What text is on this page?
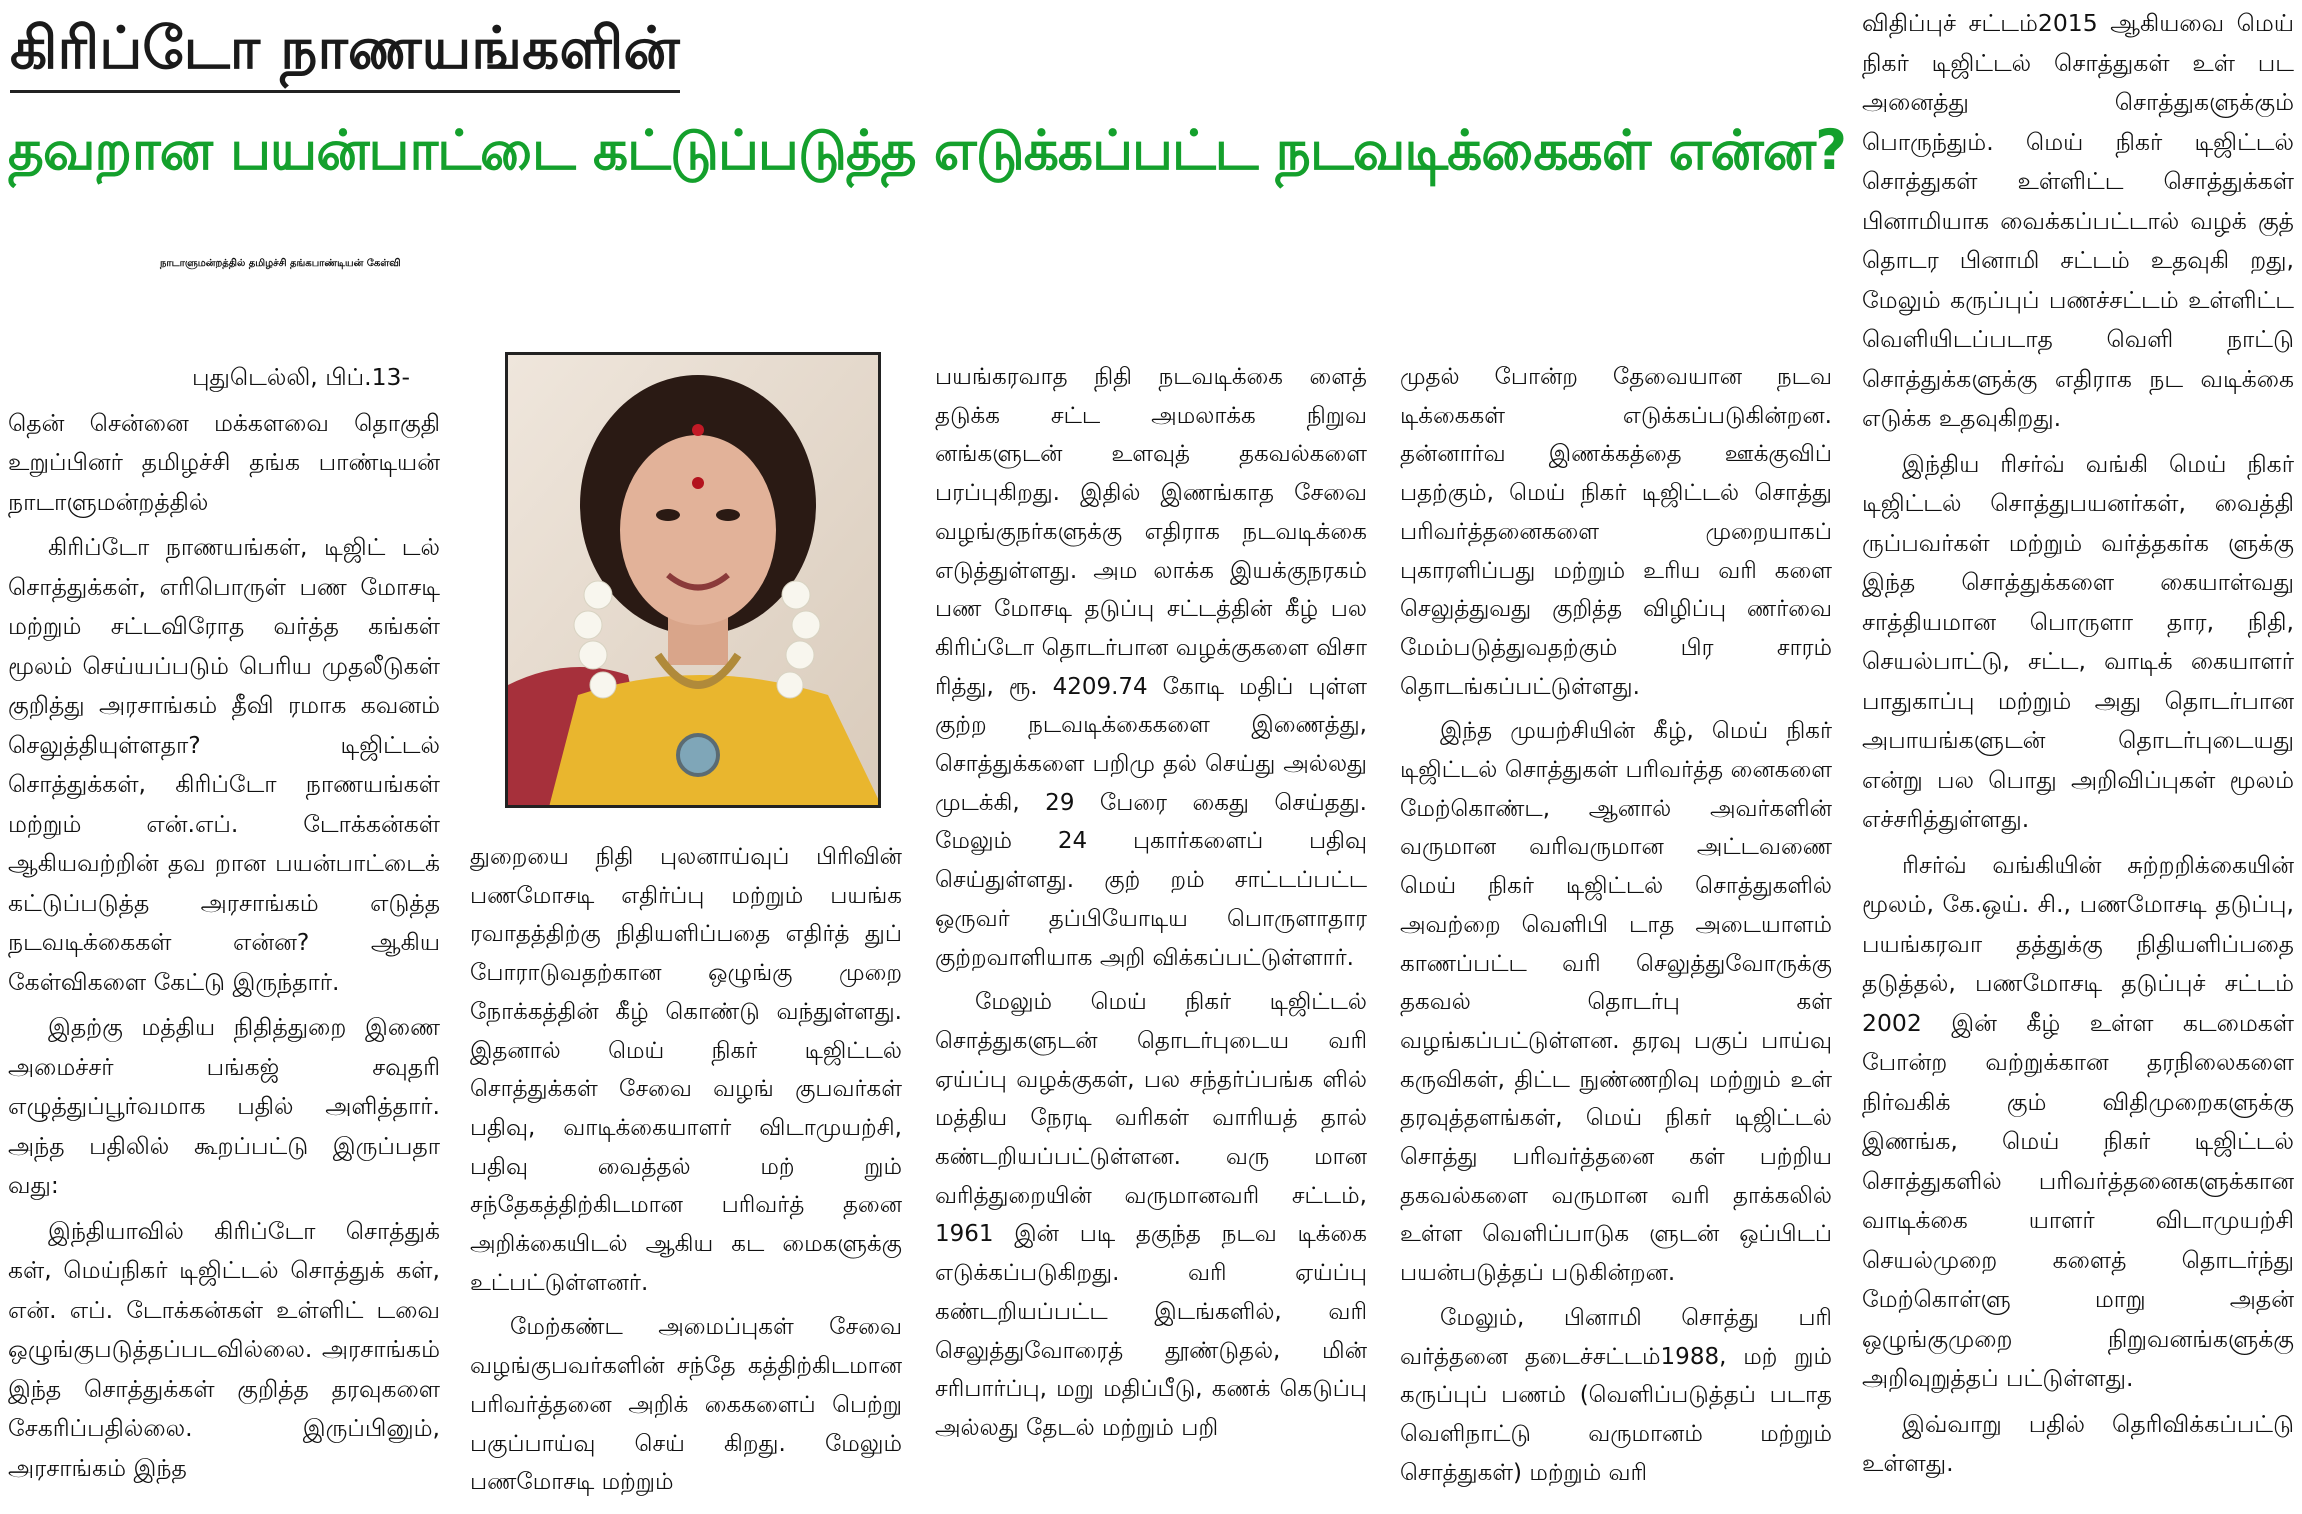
கிரிப்டோ நாணயங்களின்
தவறான பயன்பாட்டை கட்டுப்படுத்த எடுக்கப்பட்ட நடவடிக்கைகள் என்ன?
நாடாளுமன்றத்தில் தமிழச்சி தங்கபாண்டியன் கேள்வி

புதுடெல்லி, பிப்.13-

தென் சென்னை மக்களவை தொகுதி உறுப்பினர் தமிழச்சி தங்க பாண்டியன் நாடாளுமன்றத்தில்

கிரிப்டோ நாணயங்கள், டிஜிட் டல் சொத்துக்கள், எரிபொருள் பண மோசடி மற்றும் சட்டவிரோத வர்த்த கங்கள் மூலம் செய்யப்படும் பெரிய முதலீடுகள் குறித்து அரசாங்கம் தீவி ரமாக கவனம் செலுத்தியுள்ளதா? டிஜிட்டல் சொத்துக்கள், கிரிப்டோ நாணயங்கள் மற்றும் என்.எப். டோக்கன்கள் ஆகியவற்றின் தவ றான பயன்பாட்டைக் கட்டுப்படுத்த அரசாங்கம் எடுத்த நடவடிக்கைகள் என்ன? ஆகிய கேள்விகளை கேட்டு இருந்தார்.

இதற்கு மத்திய நிதித்துறை இணை அமைச்சர் பங்கஜ் சவுதரி எழுத்துப்பூர்வமாக பதில் அளித்தார். அந்த பதிலில் கூறப்பட்டு இருப்பதா வது:

இந்தியாவில் கிரிப்டோ சொத்துக் கள், மெய்நிகர் டிஜிட்டல் சொத்துக் கள், என். எப். டோக்கன்கள் உள்ளிட் டவை ஒழுங்குபடுத்தப்படவில்லை. அரசாங்கம் இந்த சொத்துக்கள் குறித்த தரவுகளை சேகரிப்பதில்லை. இருப்பினும், அரசாங்கம் இந்த

துறையை நிதி புலனாய்வுப் பிரிவின் பணமோசடி எதிர்ப்பு மற்றும் பயங்க ரவாதத்திற்கு நிதியளிப்பதை எதிர்த் துப் போராடுவதற்கான ஒழுங்கு முறை நோக்கத்தின் கீழ் கொண்டு வந்துள்ளது. இதனால் மெய் நிகர் டிஜிட்டல் சொத்துக்கள் சேவை வழங் குபவர்கள் பதிவு, வாடிக்கையாளர் விடாமுயற்சி, பதிவு வைத்தல் மற் றும் சந்தேகத்திற்கிடமான பரிவர்த் தனை அறிக்கையிடல் ஆகிய கட மைகளுக்கு உட்பட்டுள்ளனர்.

மேற்கண்ட அமைப்புகள் சேவை வழங்குபவர்களின் சந்தே கத்திற்கிடமான பரிவர்த்தனை அறிக் கைகளைப் பெற்று பகுப்பாய்வு செய் கிறது. மேலும் பணமோசடி மற்றும்

பயங்கரவாத நிதி நடவடிக்கை ளைத் தடுக்க சட்ட அமலாக்க நிறுவ னங்களுடன் உளவுத் தகவல்களை பரப்புகிறது. இதில் இணங்காத சேவை வழங்குநர்களுக்கு எதிராக நடவடிக்கை எடுத்துள்ளது. அம லாக்க இயக்குநரகம் பண மோசடி தடுப்பு சட்டத்தின் கீழ் பல கிரிப்டோ தொடர்பான வழக்குகளை விசா ரித்து, ரூ. 4209.74 கோடி மதிப் புள்ள குற்ற நடவடிக்கைகளை இணைத்து, சொத்துக்களை பறிமு தல் செய்து அல்லது முடக்கி, 29 பேரை கைது செய்தது. மேலும் 24 புகார்களைப் பதிவு செய்துள்ளது. குற் றம் சாட்டப்பட்ட ஒருவர் தப்பியோடிய பொருளாதார குற்றவாளியாக அறி விக்கப்பட்டுள்ளார்.

மேலும் மெய் நிகர் டிஜிட்டல் சொத்துகளுடன் தொடர்புடைய வரி ஏய்ப்பு வழக்குகள், பல சந்தர்ப்பங்க ளில் மத்திய நேரடி வரிகள் வாரியத் தால் கண்டறியப்பட்டுள்ளன. வரு மான வரித்துறையின் வருமானவரி சட்டம், 1961 இன் படி தகுந்த நடவ டிக்கை எடுக்கப்படுகிறது. வரி ஏய்ப்பு கண்டறியப்பட்ட இடங்களில், வரி செலுத்துவோரைத் தூண்டுதல், மின் சரிபார்ப்பு, மறு மதிப்பீடு, கணக் கெடுப்பு அல்லது தேடல் மற்றும் பறி

முதல் போன்ற தேவையான நடவ டிக்கைகள் எடுக்கப்படுகின்றன. தன்னார்வ இணக்கத்தை ஊக்குவிப் பதற்கும், மெய் நிகர் டிஜிட்டல் சொத்து பரிவர்த்தனைகளை முறையாகப் புகாரளிப்பது மற்றும் உரிய வரி களை செலுத்துவது குறித்த விழிப்பு ணர்வை மேம்படுத்துவதற்கும் பிர சாரம் தொடங்கப்பட்டுள்ளது.

இந்த முயற்சியின் கீழ், மெய் நிகர் டிஜிட்டல் சொத்துகள் பரிவர்த்த னைகளை மேற்கொண்ட, ஆனால் அவர்களின் வருமான வரிவருமான அட்டவணை மெய் நிகர் டிஜிட்டல் சொத்துகளில் அவற்றை வெளிபி டாத அடையாளம் காணப்பட்ட வரி செலுத்துவோருக்கு தகவல் தொடர்பு கள் வழங்கப்பட்டுள்ளன. தரவு பகுப் பாய்வு கருவிகள், திட்ட நுண்ணறிவு மற்றும் உள் தரவுத்தளங்கள், மெய் நிகர் டிஜிட்டல் சொத்து பரிவர்த்தனை கள் பற்றிய தகவல்களை வருமான வரி தாக்கலில் உள்ள வெளிப்பாடுக ளுடன் ஒப்பிடப் பயன்படுத்தப் படுகின்றன.

மேலும், பினாமி சொத்து பரி வர்த்தனை தடைச்சட்டம்1988, மற் றும் கருப்புப் பணம் (வெளிப்படுத்தப் படாத வெளிநாட்டு வருமானம் மற்றும் சொத்துகள்) மற்றும் வரி

விதிப்புச் சட்டம்2015 ஆகியவை மெய் நிகர் டிஜிட்டல் சொத்துகள் உள் பட அனைத்து சொத்துகளுக்கும் பொருந்தும். மெய் நிகர் டிஜிட்டல் சொத்துகள் உள்ளிட்ட சொத்துக்கள் பினாமியாக வைக்கப்பட்டால் வழக் குத் தொடர பினாமி சட்டம் உதவுகி றது, மேலும் கருப்புப் பணச்சட்டம் உள்ளிட்ட வெளியிடப்படாத வெளி நாட்டு சொத்துக்களுக்கு எதிராக நட வடிக்கை எடுக்க உதவுகிறது.

இந்திய ரிசர்வ் வங்கி மெய் நிகர் டிஜிட்டல் சொத்துபயனர்கள், வைத்தி ருப்பவர்கள் மற்றும் வர்த்தகர்க ளுக்கு இந்த சொத்துக்களை கையாள்வது சாத்தியமான பொருளா தார, நிதி, செயல்பாட்டு, சட்ட, வாடிக் கையாளர் பாதுகாப்பு மற்றும் அது தொடர்பான அபாயங்களுடன் தொடர்புடையது என்று பல பொது அறிவிப்புகள் மூலம் எச்சரித்துள்ளது.

ரிசர்வ் வங்கியின் சுற்றறிக்கையின் மூலம், கே.ஒய். சி., பணமோசடி தடுப்பு, பயங்கரவா தத்துக்கு நிதியளிப்பதை தடுத்தல், பணமோசடி தடுப்புச் சட்டம் 2002 இன் கீழ் உள்ள கடமைகள் போன்ற வற்றுக்கான தரநிலைகளை நிர்வகிக் கும் விதிமுறைகளுக்கு இணங்க, மெய் நிகர் டிஜிட்டல் சொத்துகளில் பரிவர்த்தனைகளுக்கான வாடிக்கை யாளர் விடாமுயற்சி செயல்முறை களைத் தொடர்ந்து மேற்கொள்ளு மாறு அதன் ஒழுங்குமுறை நிறுவனங்களுக்கு அறிவுறுத்தப் பட்டுள்ளது.

இவ்வாறு பதில் தெரிவிக்கப்பட்டு உள்ளது.
